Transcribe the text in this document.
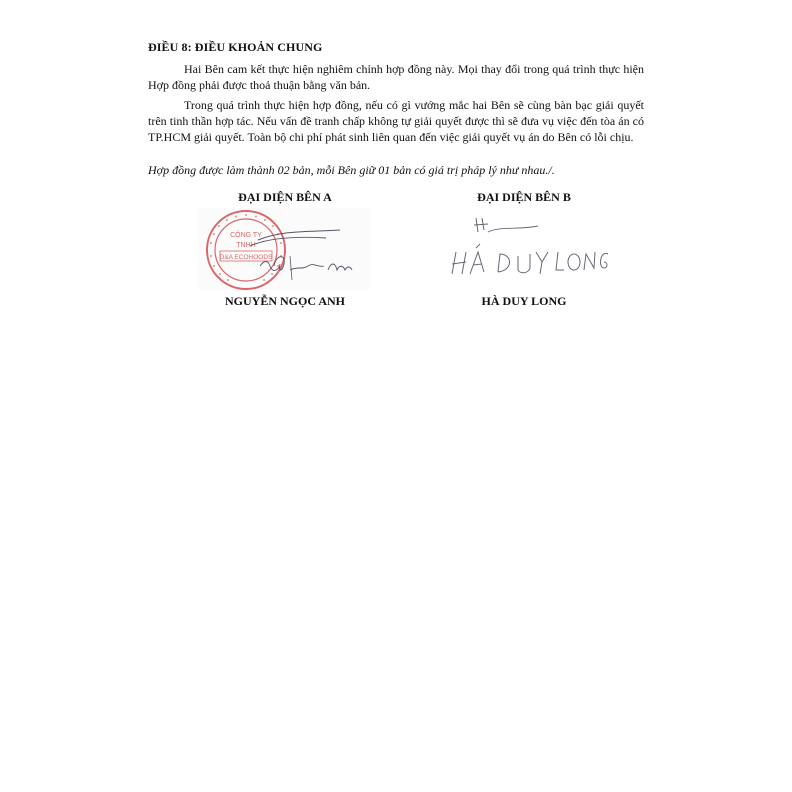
ĐIỀU 8: ĐIỀU KHOẢN CHUNG

Hai Bên cam kết thực hiện nghiêm chỉnh hợp đồng này. Mọi thay đổi trong quá trình thực hiện Hợp đồng phải được thoả thuận bằng văn bản.

Trong quá trình thực hiện hợp đồng, nếu có gì vướng mắc hai Bên sẽ cùng bàn bạc giải quyết trên tinh thần hợp tác. Nếu vấn đề tranh chấp không tự giải quyết được thì sẽ đưa vụ việc đến tòa án có TP.HCM giải quyết. Toàn bộ chi phí phát sinh liên quan đến việc giải quyết vụ án do Bên có lỗi chịu.

Hợp đồng được làm thành 02 bản, mỗi Bên giữ 01 bản có giá trị pháp lý như nhau./.
ĐẠI DIỆN BÊN A	ĐẠI DIỆN BÊN B
CÔNG TY
TNHH
D&A ECOHOODS
NGUYỄN NGỌC ANH	HÀ DUY LONG
